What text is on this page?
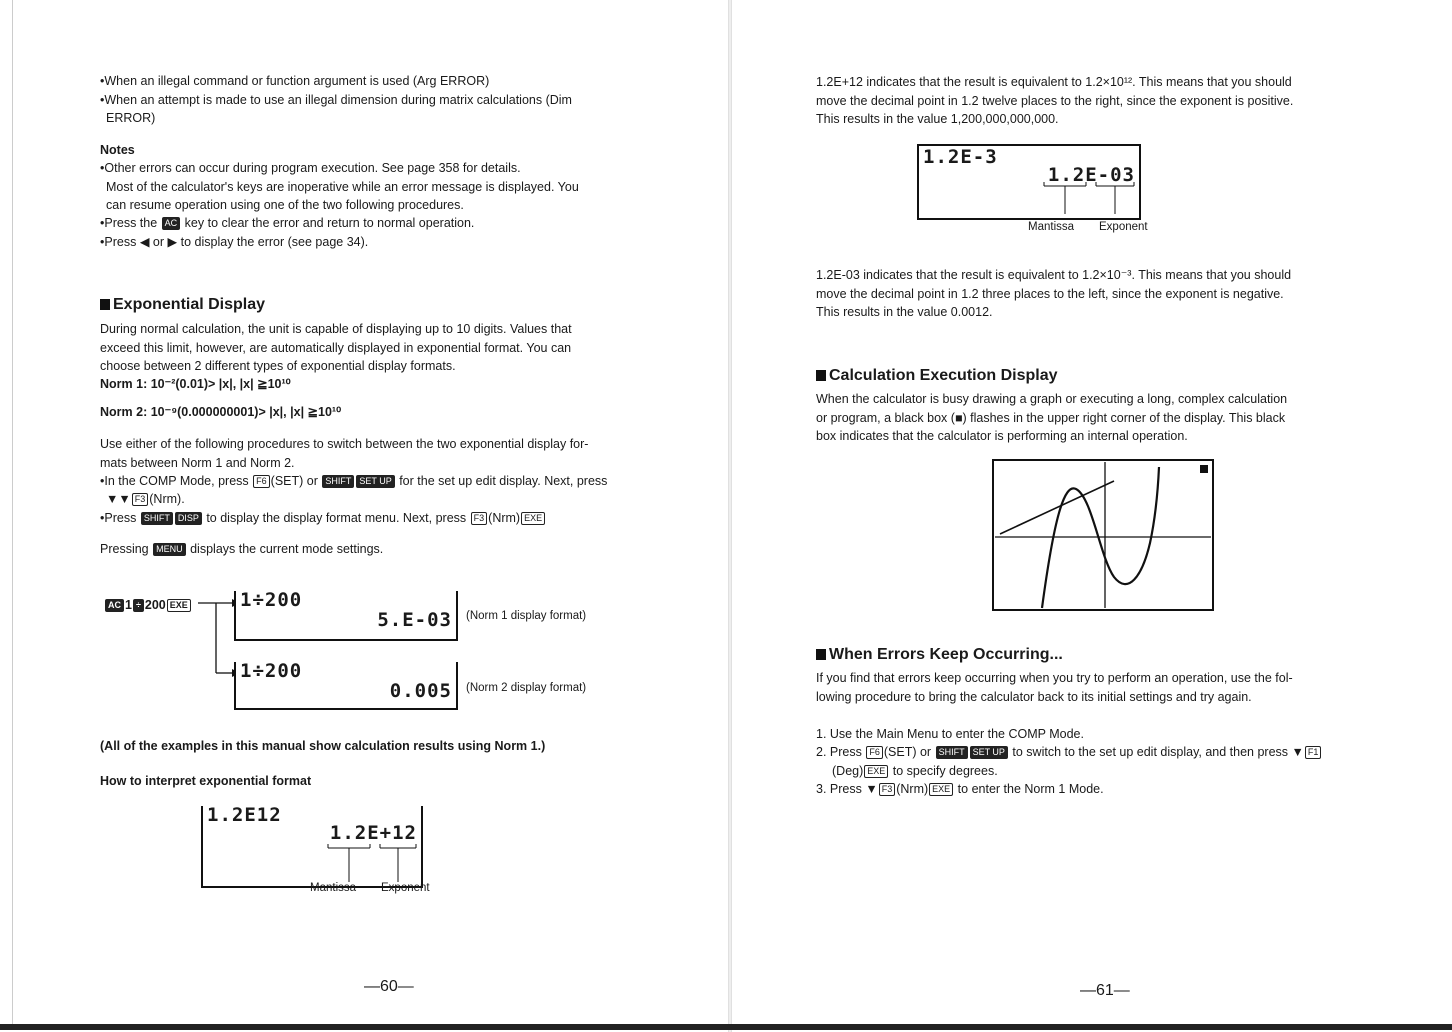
•When an illegal command or function argument is used (Arg ERROR)
•When an attempt is made to use an illegal dimension during matrix calculations (Dim
ERROR)
Notes
•Other errors can occur during program execution. See page 358 for details.
Most of the calculator's keys are inoperative while an error message is displayed. You
can resume operation using one of the two following procedures.
•Press the AC key to clear the error and return to normal operation.
•Press ◀ or ▶ to display the error (see page 34).
Exponential Display
During normal calculation, the unit is capable of displaying up to 10 digits. Values that
exceed this limit, however, are automatically displayed in exponential format. You can
choose between 2 different types of exponential display formats.
Norm 1: 10⁻²(0.01)> |x|, |x| ≧10¹⁰
Norm 2: 10⁻⁹(0.000000001)> |x|, |x| ≧10¹⁰
Use either of the following procedures to switch between the two exponential display for-
mats between Norm 1 and Norm 2.
•In the COMP Mode, press F6 (SET) or SHIFT SET UP for the set up edit display. Next, press
▼▼ F3 (Nrm).
•Press SHIFT DISP to display the display format menu. Next, press F3 (Nrm) EXE
Pressing MENU displays the current mode settings.
AC 1 ÷ 200 EXE	1÷200
5.E-03 (Norm 1 display format)
1÷200
0.005 (Norm 2 display format)
(All of the examples in this manual show calculation results using Norm 1.)
How to interpret exponential format
1.2E12
1.2E+12
Mantissa Exponent
—60—
1.2E+12 indicates that the result is equivalent to 1.2×10¹². This means that you should
move the decimal point in 1.2 twelve places to the right, since the exponent is positive.
This results in the value 1,200,000,000,000.
1.2E-3
1.2E-03
Mantissa Exponent
1.2E-03 indicates that the result is equivalent to 1.2×10⁻³. This means that you should
move the decimal point in 1.2 three places to the left, since the exponent is negative.
This results in the value 0.0012.
Calculation Execution Display
When the calculator is busy drawing a graph or executing a long, complex calculation
or program, a black box (■) flashes in the upper right corner of the display. This black
box indicates that the calculator is performing an internal operation.
When Errors Keep Occurring...
If you find that errors keep occurring when you try to perform an operation, use the fol-
lowing procedure to bring the calculator back to its initial settings and try again.
1. Use the Main Menu to enter the COMP Mode.
2. Press F6 (SET) or SHIFT SET UP to switch to the set up edit display, and then press ▼ F1
(Deg) EXE to specify degrees.
3. Press ▼ F3 (Nrm) EXE to enter the Norm 1 Mode.
—61—
